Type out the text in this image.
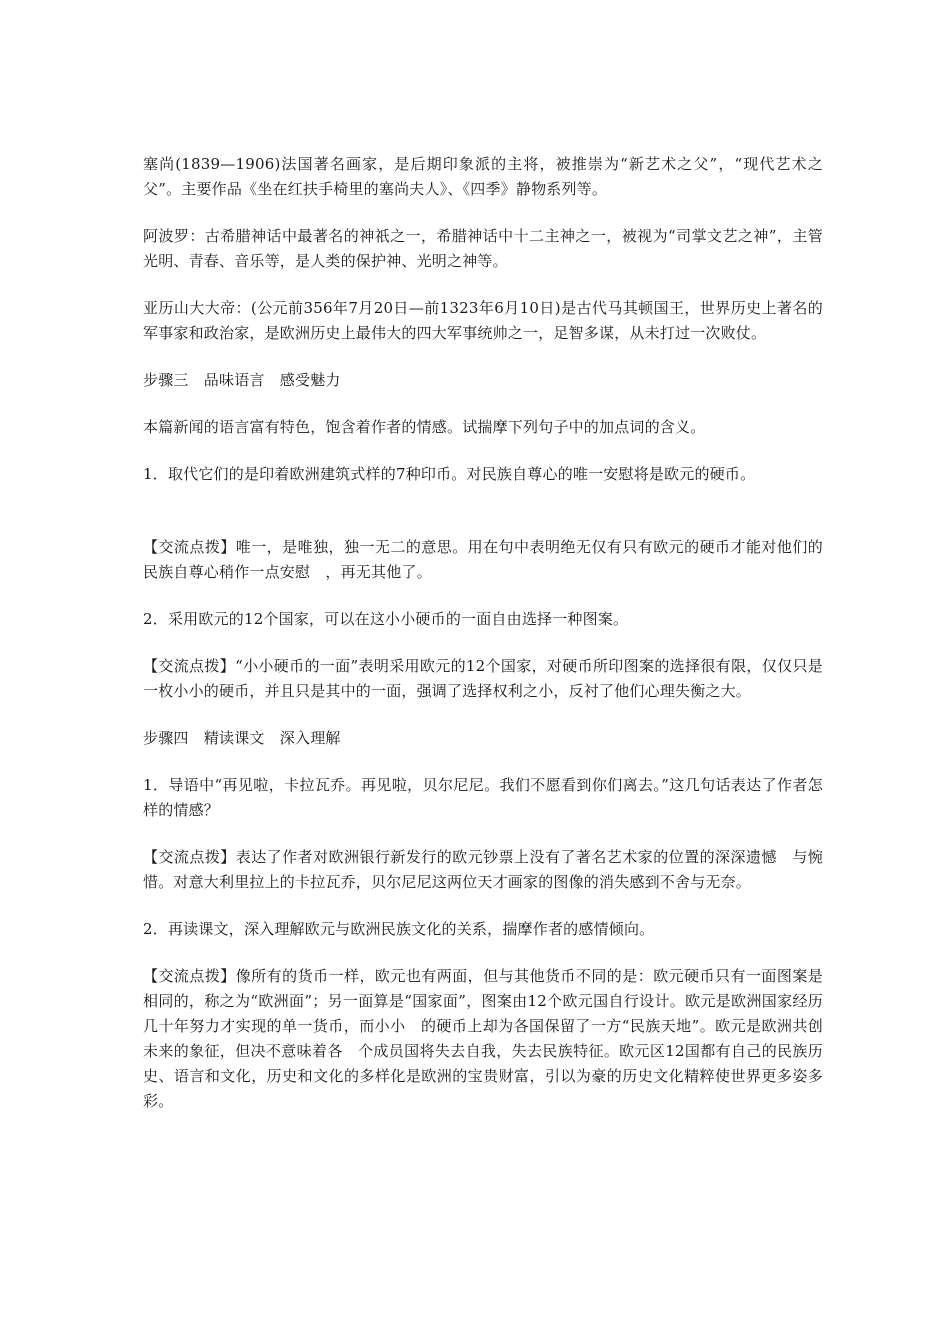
塞尚(1839—1906)法国著名画家，是后期印象派的主将，被推崇为“新艺术之父”，“现代艺术之父”。主要作品《坐在红扶手椅里的塞尚夫人》、《四季》静物系列等。

阿波罗：古希腊神话中最著名的神祇之一，希腊神话中十二主神之一，被视为“司掌文艺之神”，主管光明、青春、音乐等，是人类的保护神、光明之神等。

亚历山大大帝：(公元前356年7月20日—前1323年6月10日)是古代马其顿国王，世界历史上著名的军事家和政治家，是欧洲历史上最伟大的四大军事统帅之一，足智多谋，从未打过一次败仗。

步骤三　品味语言　感受魅力

本篇新闻的语言富有特色，饱含着作者的情感。试揣摩下列句子中的加点词的含义。

1．取代它们的是印着欧洲建筑式样的7种印币。对民族自尊心的唯一安慰将是欧元的硬币。

【交流点拨】唯一，是唯独，独一无二的意思。用在句中表明绝无仅有只有欧元的硬币才能对他们的民族自尊心稍作一点安慰　，再无其他了。

2．采用欧元的12个国家，可以在这小小硬币的一面自由选择一种图案。

【交流点拨】“小小硬币的一面”表明采用欧元的12个国家，对硬币所印图案的选择很有限，仅仅只是一枚小小的硬币，并且只是其中的一面，强调了选择权利之小，反衬了他们心理失衡之大。

步骤四　精读课文　深入理解

1．导语中“再见啦，卡拉瓦乔。再见啦，贝尔尼尼。我们不愿看到你们离去。”这几句话表达了作者怎样的情感？

【交流点拨】表达了作者对欧洲银行新发行的欧元钞票上没有了著名艺术家的位置的深深遗憾　与惋惜。对意大利里拉上的卡拉瓦乔，贝尔尼尼这两位天才画家的图像的消失感到不舍与无奈。

2．再读课文，深入理解欧元与欧洲民族文化的关系，揣摩作者的感情倾向。

【交流点拨】像所有的货币一样，欧元也有两面，但与其他货币不同的是：欧元硬币只有一面图案是相同的，称之为“欧洲面”；另一面算是“国家面”，图案由12个欧元国自行设计。欧元是欧洲国家经历几十年努力才实现的单一货币，而小小　的硬币上却为各国保留了一方“民族天地”。欧元是欧洲共创未来的象征，但决不意味着各　个成员国将失去自我，失去民族特征。欧元区12国都有自己的民族历史、语言和文化，历史和文化的多样化是欧洲的宝贵财富，引以为豪的历史文化精粹使世界更多姿多彩。
